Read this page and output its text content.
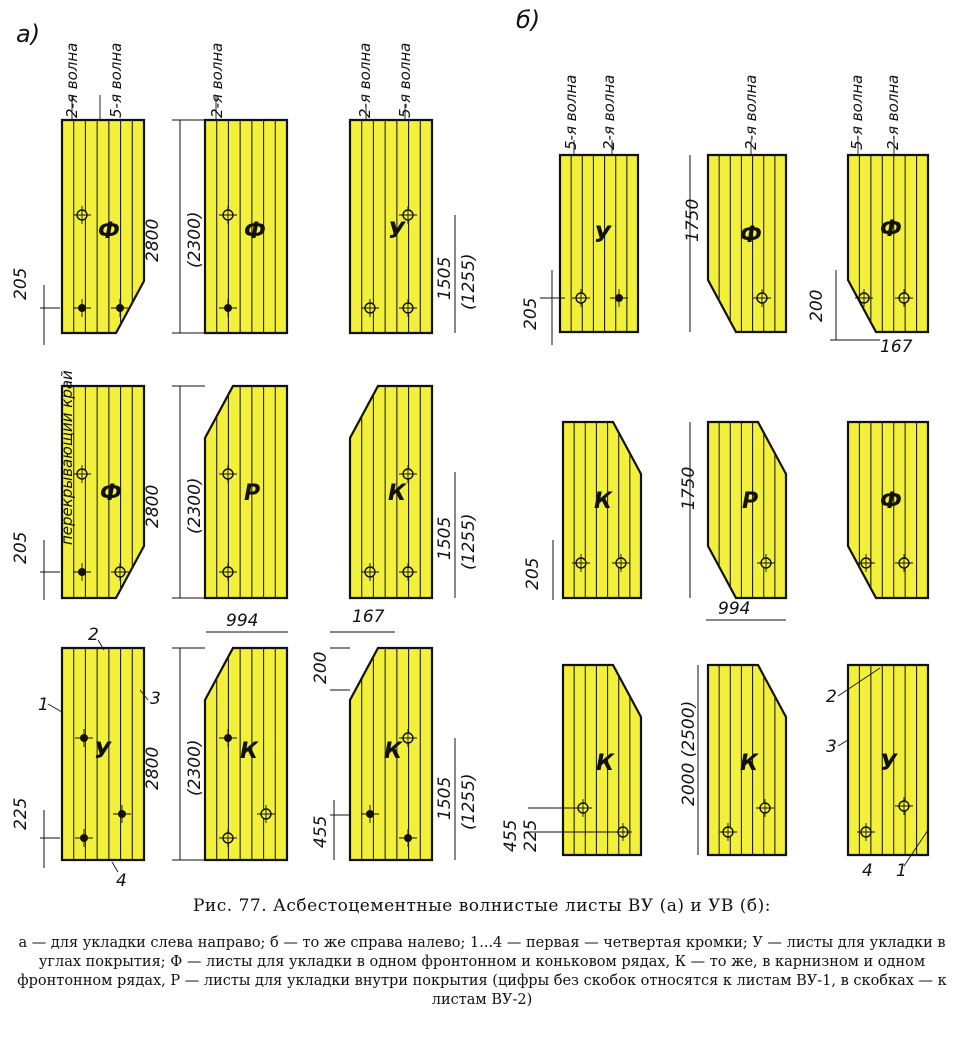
а)	б)
Ф	Ф	У
Ф	Р	К
У	К	К
У	Ф	Ф
К	Р	Ф
К	К	У
2-я волна 5-я волна	2-я волна	2-я волна 5-я волна	5-я волна 2-я волна	2-я волна	5-я волна 2-я волна
2800 (2300)
1505 (1255)
205
перекрывающий край
205
2800 (2300)
1505 (1255)
994	167
200
2800 (2300)
1505 (1255)
225
455
1
2
3
4
1750
205	200
167
1750
205
994
2000 (2500)
455 225
2
3
4 1
Рис. 77. Асбестоцементные волнистые листы ВУ (а) и УВ (б):
а — для укладки слева направо; б — то же справа налево; 1...4 — первая — четвертая кромки; У — листы для укладки в углах покрытия; Ф — листы для укладки в одном фронтонном и коньковом рядах, К — то же, в карнизном и одном фронтонном рядах, Р — листы для укладки внутри покрытия (цифры без скобок относятся к листам ВУ-1, в скобках — к листам ВУ-2)
